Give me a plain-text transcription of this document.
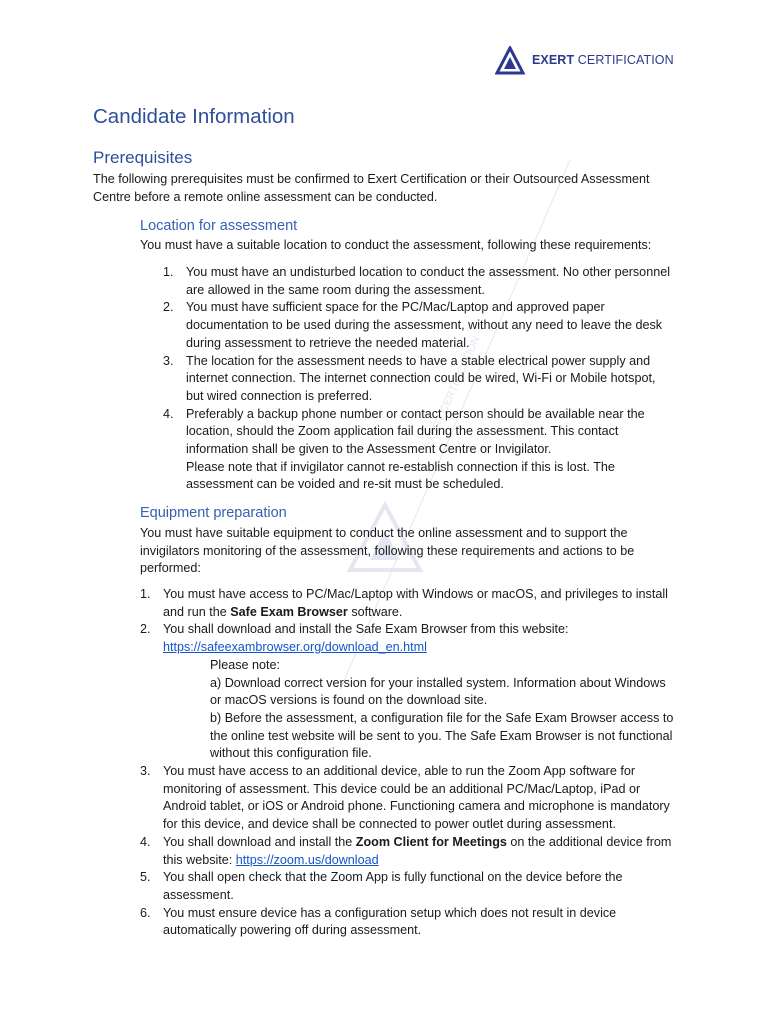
EXERT CERTIFICATION
EXERT CERTIFICATION
Candidate Information
Prerequisites
The following prerequisites must be confirmed to Exert Certification or their Outsourced Assessment Centre before a remote online assessment can be conducted.
Location for assessment
You must have a suitable location to conduct the assessment, following these requirements:
1. You must have an undisturbed location to conduct the assessment. No other personnel are allowed in the same room during the assessment.
2. You must have sufficient space for the PC/Mac/Laptop and approved paper documentation to be used during the assessment, without any need to leave the desk during assessment to retrieve the needed material.
3. The location for the assessment needs to have a stable electrical power supply and internet connection. The internet connection could be wired, Wi-Fi or Mobile hotspot, but wired connection is preferred.
4. Preferably a backup phone number or contact person should be available near the location, should the Zoom application fail during the assessment. This contact information shall be given to the Assessment Centre or Invigilator.
Please note that if invigilator cannot re-establish connection if this is lost. The assessment can be voided and re-sit must be scheduled.
Equipment preparation
You must have suitable equipment to conduct the online assessment and to support the invigilators monitoring of the assessment, following these requirements and actions to be performed:
1. You must have access to PC/Mac/Laptop with Windows or macOS, and privileges to install and run the Safe Exam Browser software.
2. You shall download and install the Safe Exam Browser from this website:
https://safeexambrowser.org/download_en.html
Please note:
a) Download correct version for your installed system. Information about Windows or macOS versions is found on the download site.
b) Before the assessment, a configuration file for the Safe Exam Browser access to the online test website will be sent to you. The Safe Exam Browser is not functional without this configuration file.
3. You must have access to an additional device, able to run the Zoom App software for monitoring of assessment. This device could be an additional PC/Mac/Laptop, iPad or Android tablet, or iOS or Android phone. Functioning camera and microphone is mandatory for this device, and device shall be connected to power outlet during assessment.
4. You shall download and install the Zoom Client for Meetings on the additional device from this website: https://zoom.us/download
5. You shall open check that the Zoom App is fully functional on the device before the assessment.
6. You must ensure device has a configuration setup which does not result in device automatically powering off during assessment.
